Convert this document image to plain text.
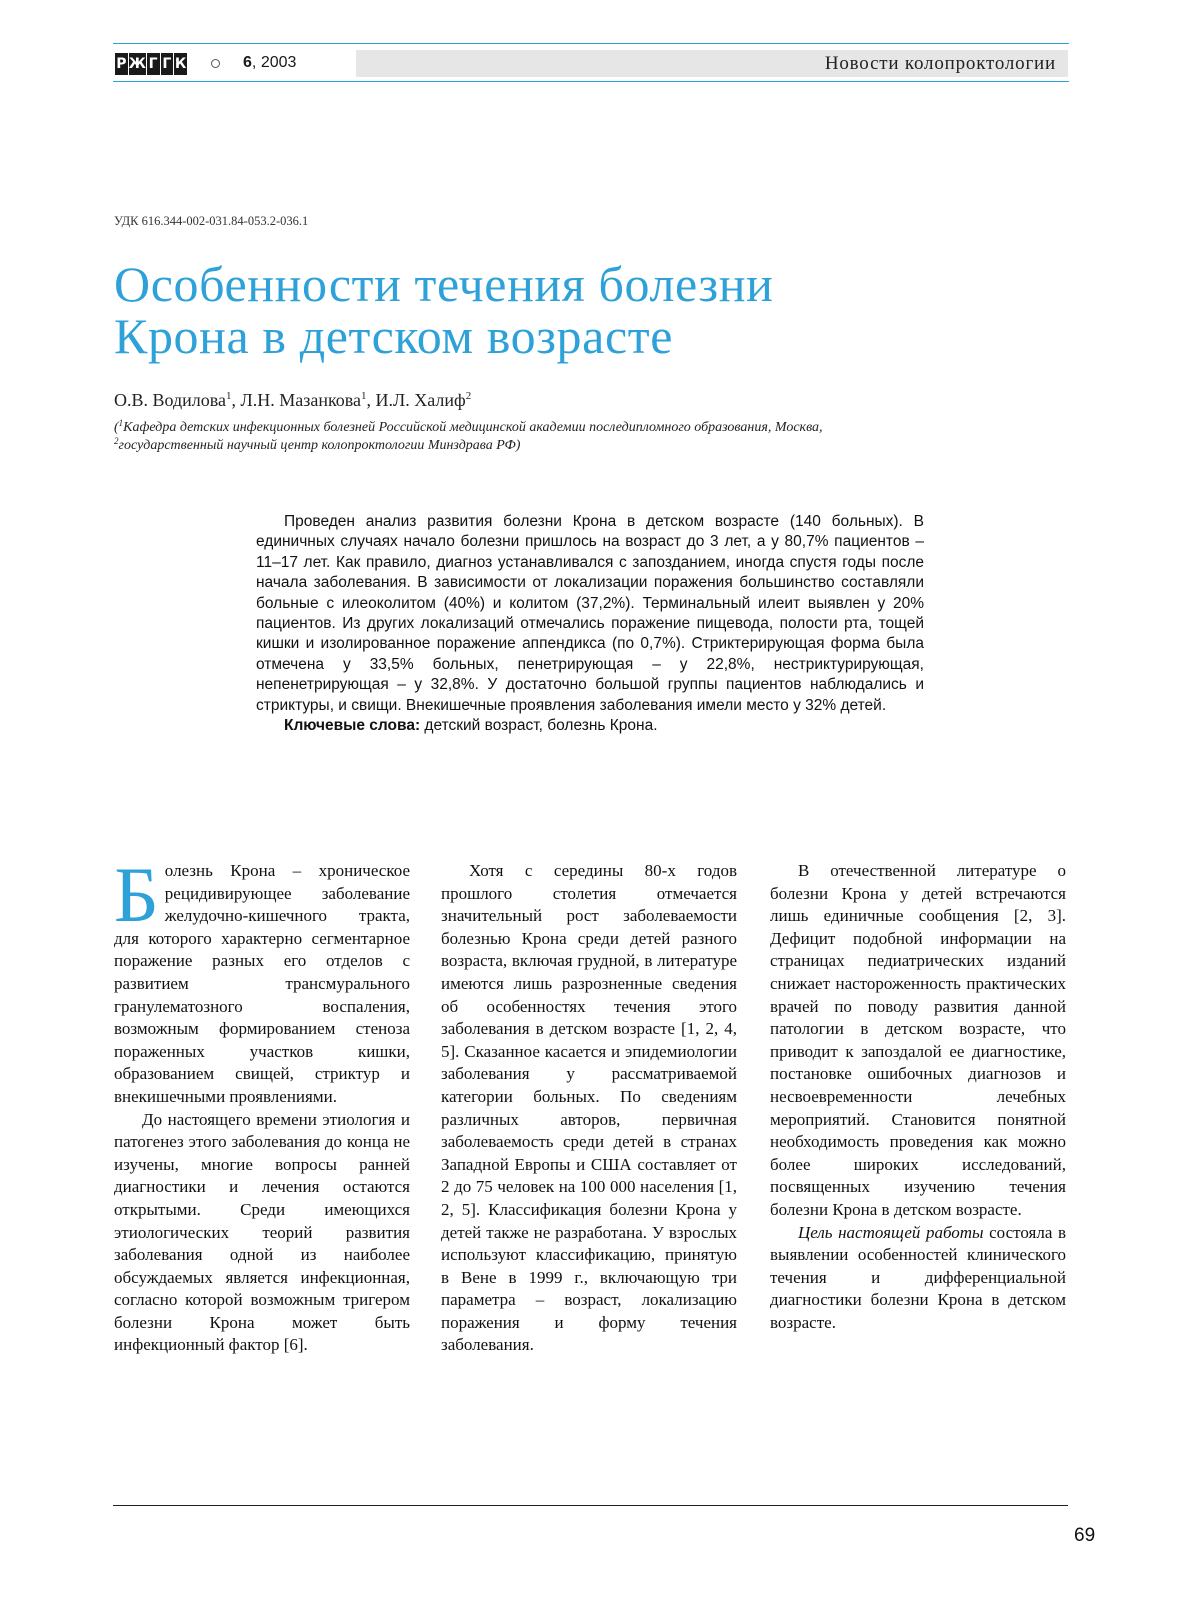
Р Ж Г Г К	6, 2003	Новости колопроктологии
УДК 616.344-002-031.84-053.2-036.1
Особенности течения болезни
Крона в детском возрасте
О.В. Водилова$^1$, Л.Н. Мазанкова$^1$, И.Л. Халиф$^2$
($^1$Кафедра детских инфекционных болезней Российской медицинской академии последипломного образования, Москва, $^2$государственный научный центр колопроктологии Минздрава РФ)

Проведен анализ развития болезни Крона в детском возрасте (140 больных). В единичных случаях начало болезни пришлось на возраст до 3 лет, а у 80,7% пациентов – 11–17 лет. Как правило, диагноз устанавливался с запозданием, иногда спустя годы после начала заболевания. В зависимости от локализации поражения большинство составляли больные с илеоколитом (40%) и колитом (37,2%). Терминальный илеит выявлен у 20% пациентов. Из других локализаций отмечались поражение пищевода, полости рта, тощей кишки и изолированное поражение аппендикса (по 0,7%). Стриктерирующая форма была отмечена у 33,5% больных, пенетрирующая – у 22,8%, нестриктурирующая, непенетрирующая – у 32,8%. У достаточно большой группы пациентов наблюдались и стриктуры, и свищи. Внекишечные проявления заболевания имели место у 32% детей.

Ключевые слова: детский возраст, болезнь Крона.

Болезнь Крона – хроническое рецидивирующее заболевание желудочно-кишечного тракта, для которого характерно сегментарное поражение разных его отделов с развитием трансмурального гранулематозного воспаления, возможным формированием стеноза пораженных участков кишки, образованием свищей, стриктур и внекишечными проявлениями.

До настоящего времени этиология и патогенез этого заболевания до конца не изучены, многие вопросы ранней диагностики и лечения остаются открытыми. Среди имеющихся этиологических теорий развития заболевания одной из наиболее обсуждаемых является инфекционная, согласно которой возможным тригером болезни Крона может быть инфекционный фактор [6].

Хотя с середины 80-х годов прошлого столетия отмечается значительный рост заболеваемости болезнью Крона среди детей разного возраста, включая грудной, в литературе имеются лишь разрозненные сведения об особенностях течения этого заболевания в детском возрасте [1, 2, 4, 5]. Сказанное касается и эпидемиологии заболевания у рассматриваемой категории больных. По сведениям различных авторов, первичная заболеваемость среди детей в странах Западной Европы и США составляет от 2 до 75 человек на 100 000 населения [1, 2, 5]. Классификация болезни Крона у детей также не разработана. У взрослых используют классификацию, принятую в Вене в 1999 г., включающую три параметра – возраст, локализацию поражения и форму течения заболевания.

В отечественной литературе о болезни Крона у детей встречаются лишь единичные сообщения [2, 3]. Дефицит подобной информации на страницах педиатрических изданий снижает настороженность практических врачей по поводу развития данной патологии в детском возрасте, что приводит к запоздалой ее диагностике, постановке ошибочных диагнозов и несвоевременности лечебных мероприятий. Становится понятной необходимость проведения как можно более широких исследований, посвященных изучению течения болезни Крона в детском возрасте.

Цель настоящей работы состояла в выявлении особенностей клинического течения и дифференциальной диагностики болезни Крона в детском возрасте.

69
